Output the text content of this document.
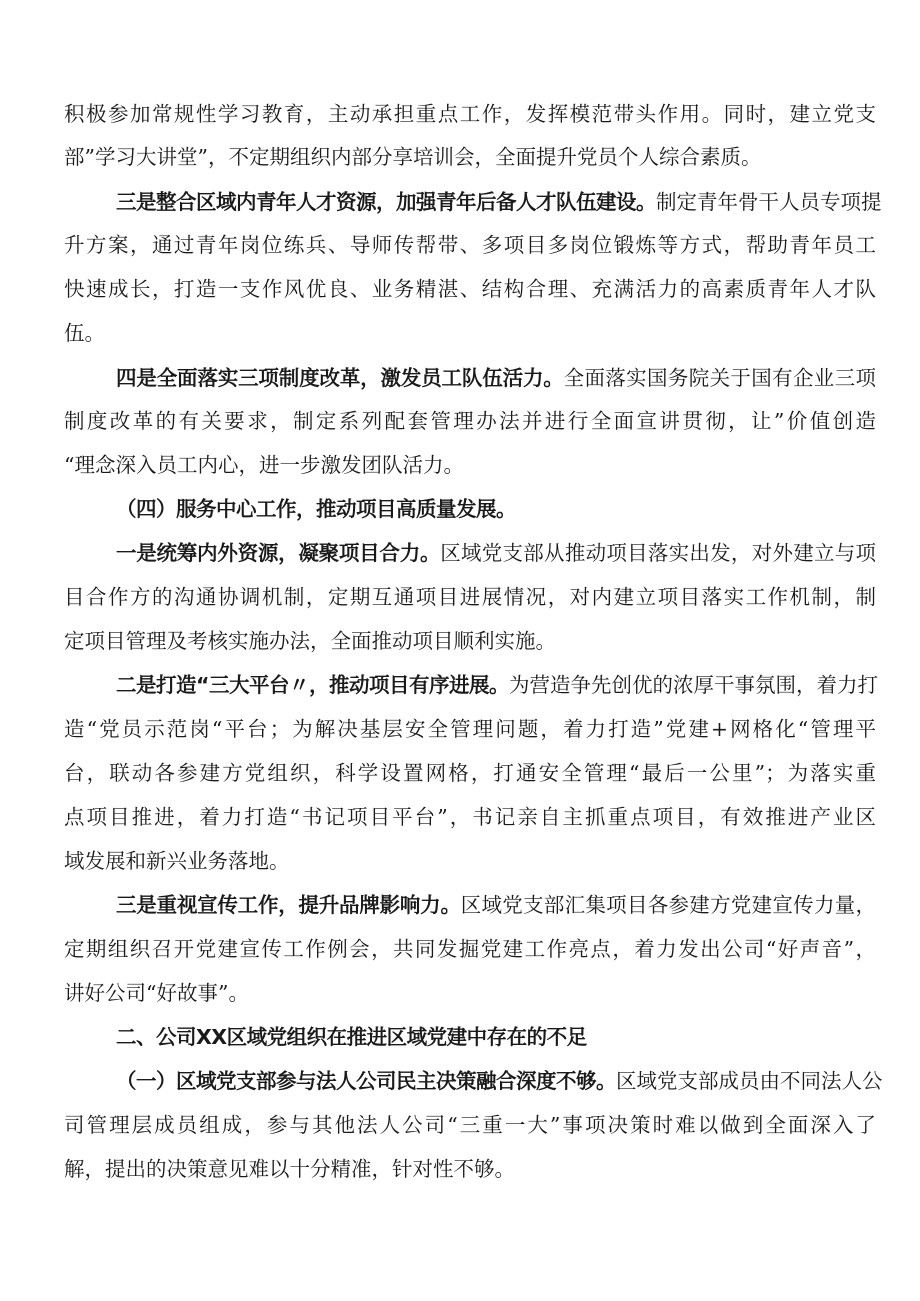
积极参加常规性学习教育，主动承担重点工作，发挥模范带头作用。同时，建立党支
部”学习大讲堂”，不定期组织内部分享培训会，全面提升党员个人综合素质。
三是整合区域内青年人才资源，加强青年后备人才队伍建设。制定青年骨干人员专项提
升方案，通过青年岗位练兵、导师传帮带、多项目多岗位锻炼等方式，帮助青年员工
快速成长，打造一支作风优良、业务精湛、结构合理、充满活力的高素质青年人才队
伍。
四是全面落实三项制度改革，激发员工队伍活力。全面落实国务院关于国有企业三项
制度改革的有关要求，制定系列配套管理办法并进行全面宣讲贯彻，让”价值创造
“理念深入员工内心，进一步激发团队活力。
（四）服务中心工作，推动项目高质量发展。
一是统筹内外资源，凝聚项目合力。区域党支部从推动项目落实出发，对外建立与项
目合作方的沟通协调机制，定期互通项目进展情况，对内建立项目落实工作机制，制
定项目管理及考核实施办法，全面推动项目顺利实施。
二是打造“三大平台〃，推动项目有序进展。为营造争先创优的浓厚干事氛围，着力打
造“党员示范岗“平台；为解决基层安全管理问题，着力打造”党建+网格化“管理平
台，联动各参建方党组织，科学设置网格，打通安全管理“最后一公里”；为落实重
点项目推进，着力打造“书记项目平台”，书记亲自主抓重点项目，有效推进产业区
域发展和新兴业务落地。
三是重视宣传工作，提升品牌影响力。区域党支部汇集项目各参建方党建宣传力量，
定期组织召开党建宣传工作例会，共同发掘党建工作亮点，着力发出公司“好声音”，
讲好公司“好故事”。
二、公司XX区域党组织在推进区域党建中存在的不足
（一）区域党支部参与法人公司民主决策融合深度不够。区域党支部成员由不同法人公
司管理层成员组成，参与其他法人公司“三重一大”事项决策时难以做到全面深入了
解，提出的决策意见难以十分精准，针对性不够。
